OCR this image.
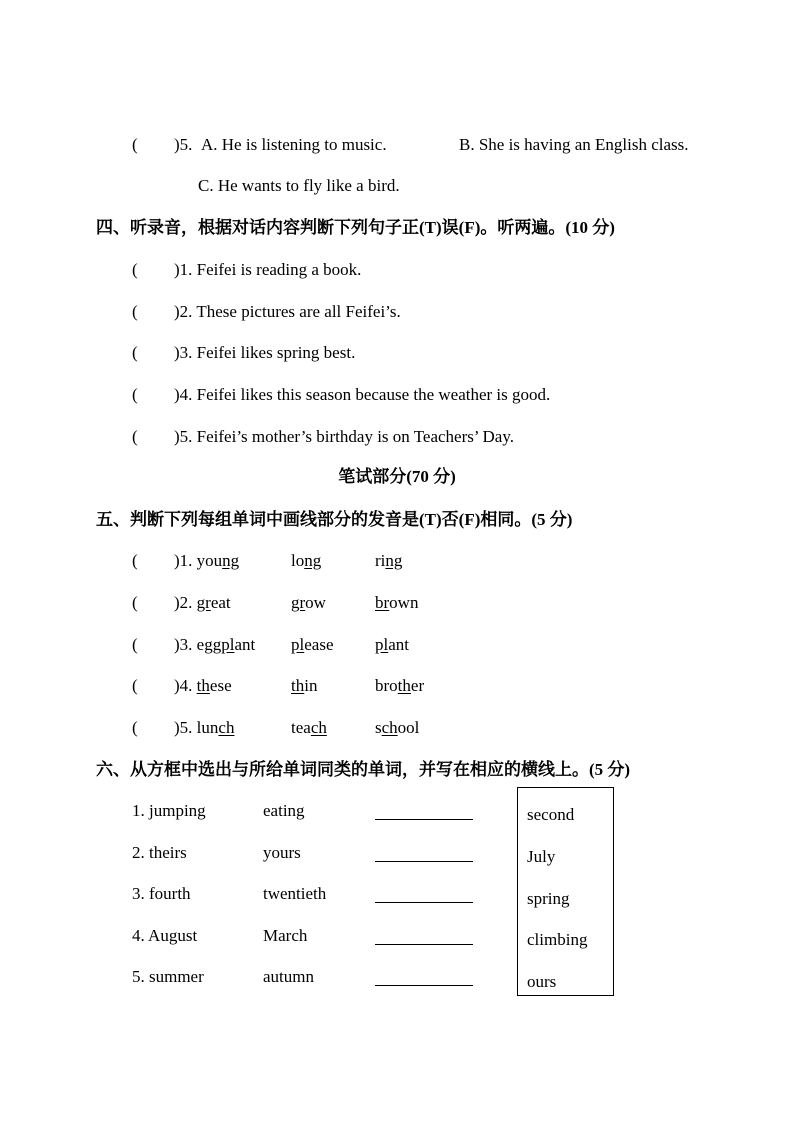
( )5. A. He is listening to music.	B. She is having an English class.
C. He wants to fly like a bird.
四、听录音，根据对话内容判断下列句子正(T)误(F)。听两遍。(10 分)
( )1. Feifei is reading a book.
( )2. These pictures are all Feifei’s.
( )3. Feifei likes spring best.
( )4. Feifei likes this season because the weather is good.
( )5. Feifei’s mother’s birthday is on Teachers’ Day.
笔试部分(70 分)
五、判断下列每组单词中画线部分的发音是(T)否(F)相同。(5 分)
( )1. young	long	ring
( )2. great	grow	brown
( )3. eggplant please plant
( )4. these	thin	brother
( )5. lunch	teach	school
六、从方框中选出与所给单词同类的单词，并写在相应的横线上。(5 分)
1. jumping	eating
2. theirs	yours
3. fourth	twentieth
4. August	March
5. summer	autumn
second
July
spring
climbing
ours
